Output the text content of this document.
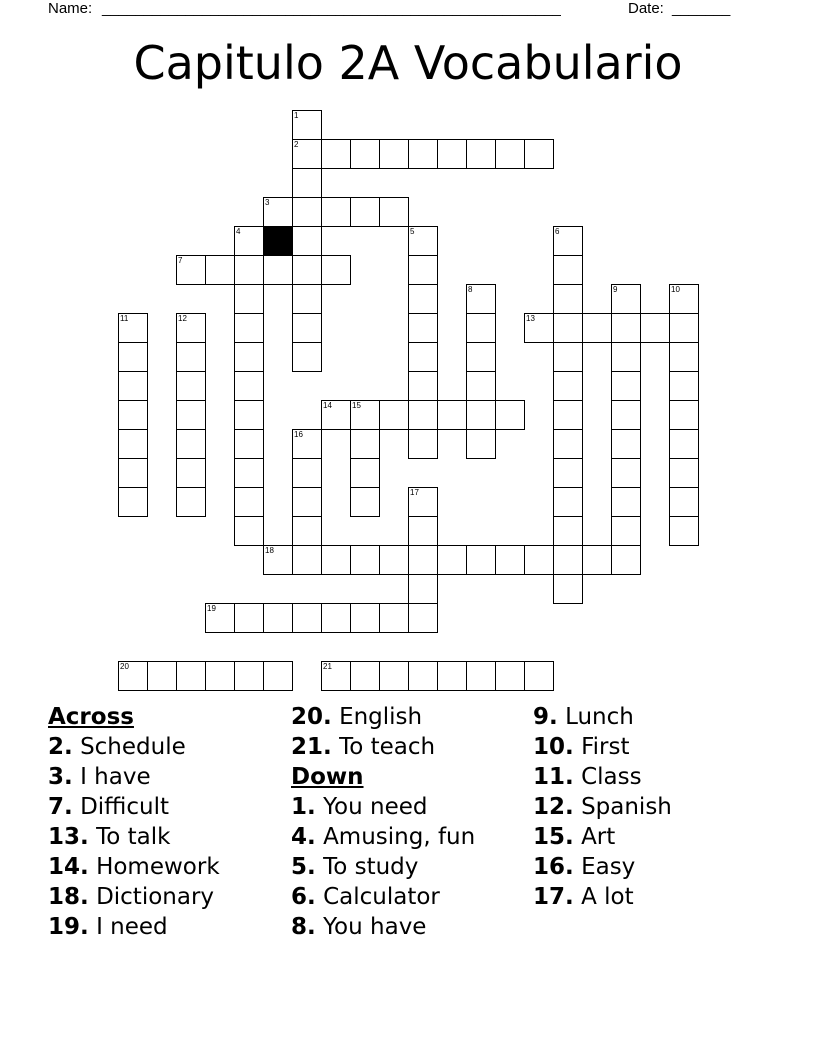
Name: _______________________________________________________	Date: _______
Capitulo 2A Vocabulario
1
2
3
4	5	6
7
8	9	10
11	12	13
14	15
16
17
18
19
20	21
Across
2. Schedule
3. I have
7. Difficult
13. To talk
14. Homework
18. Dictionary
19. I need
20. English
21. To teach
Down
1. You need
4. Amusing, fun
5. To study
6. Calculator
8. You have
9. Lunch
10. First
11. Class
12. Spanish
15. Art
16. Easy
17. A lot
